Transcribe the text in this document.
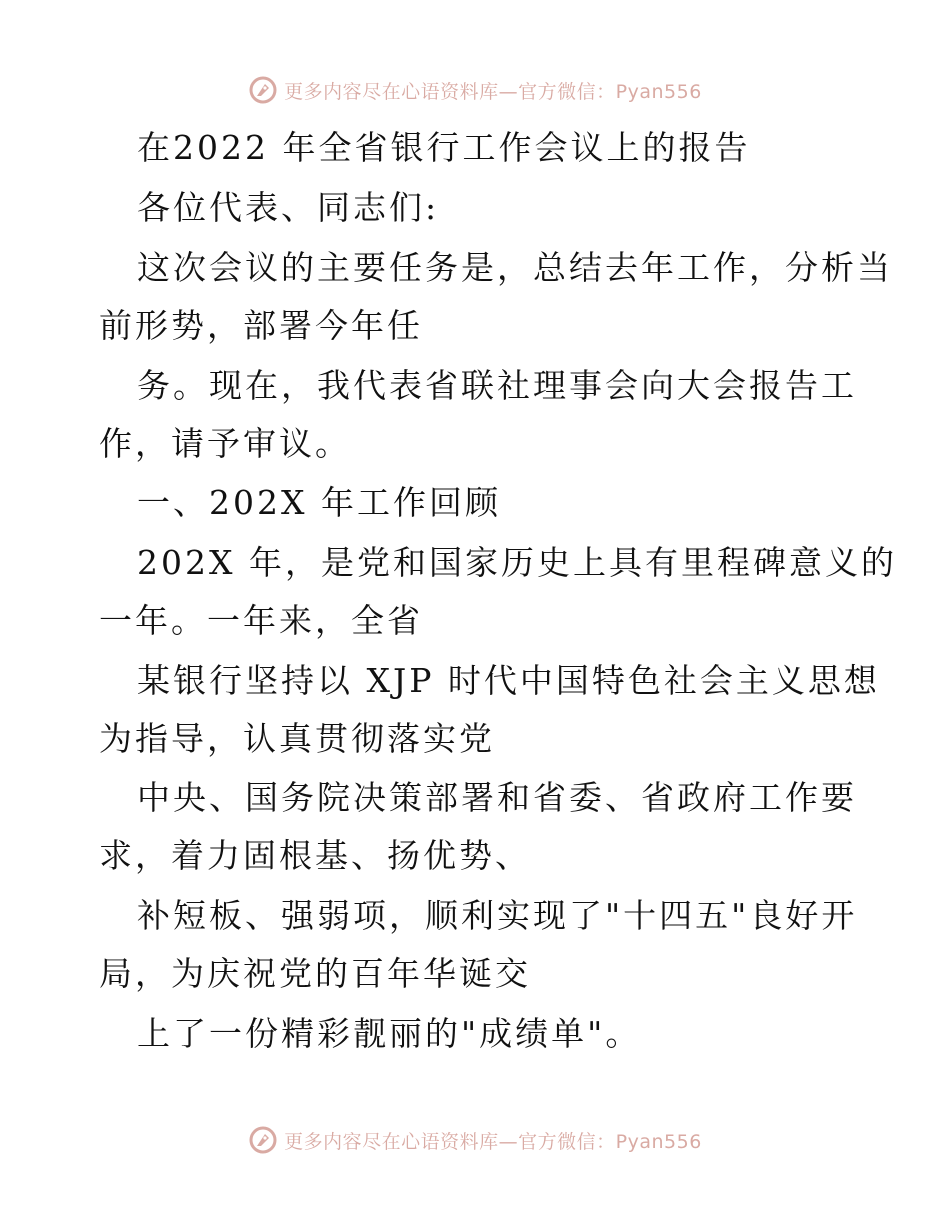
更多内容尽在心语资料库—官方微信：Pyan556
在2022 年全省银行工作会议上的报告
各位代表、同志们:
这次会议的主要任务是，总结去年工作，分析当
前形势，部署今年任
务。现在，我代表省联社理事会向大会报告工
作，请予审议。
一、202X 年工作回顾
202X 年，是党和国家历史上具有里程碑意义的
一年。一年来，全省
某银行坚持以 XJP 时代中国特色社会主义思想
为指导，认真贯彻落实党
中央、国务院决策部署和省委、省政府工作要
求，着力固根基、扬优势、
补短板、强弱项，顺利实现了"十四五"良好开
局，为庆祝党的百年华诞交
上了一份精彩靓丽的"成绩单"。
更多内容尽在心语资料库—官方微信：Pyan556
